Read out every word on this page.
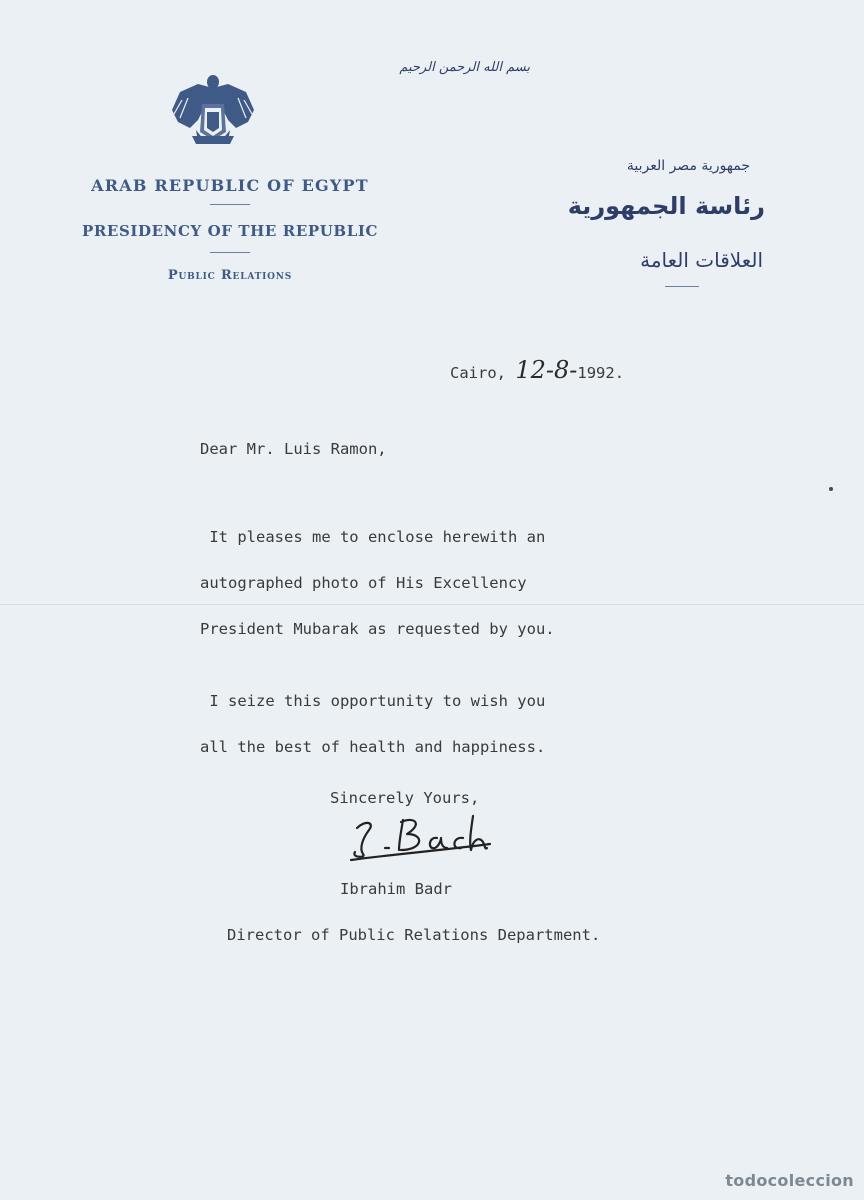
ARAB REPUBLIC OF EGYPT
PRESIDENCY OF THE REPUBLIC
Public Relations
بسم الله الرحمن الرحيم
جمهورية مصر العربية
رئاسة الجمهورية
العلاقات العامة
Cairo, 12-8-1992.
Dear Mr. Luis Ramon,
It pleases me to enclose herewith an
autographed photo of His Excellency
President Mubarak as requested by you.
I seize this opportunity to wish you
all the best of health and happiness.
Sincerely Yours,
Ibrahim Badr
Director of Public Relations Department.
todocoleccion
